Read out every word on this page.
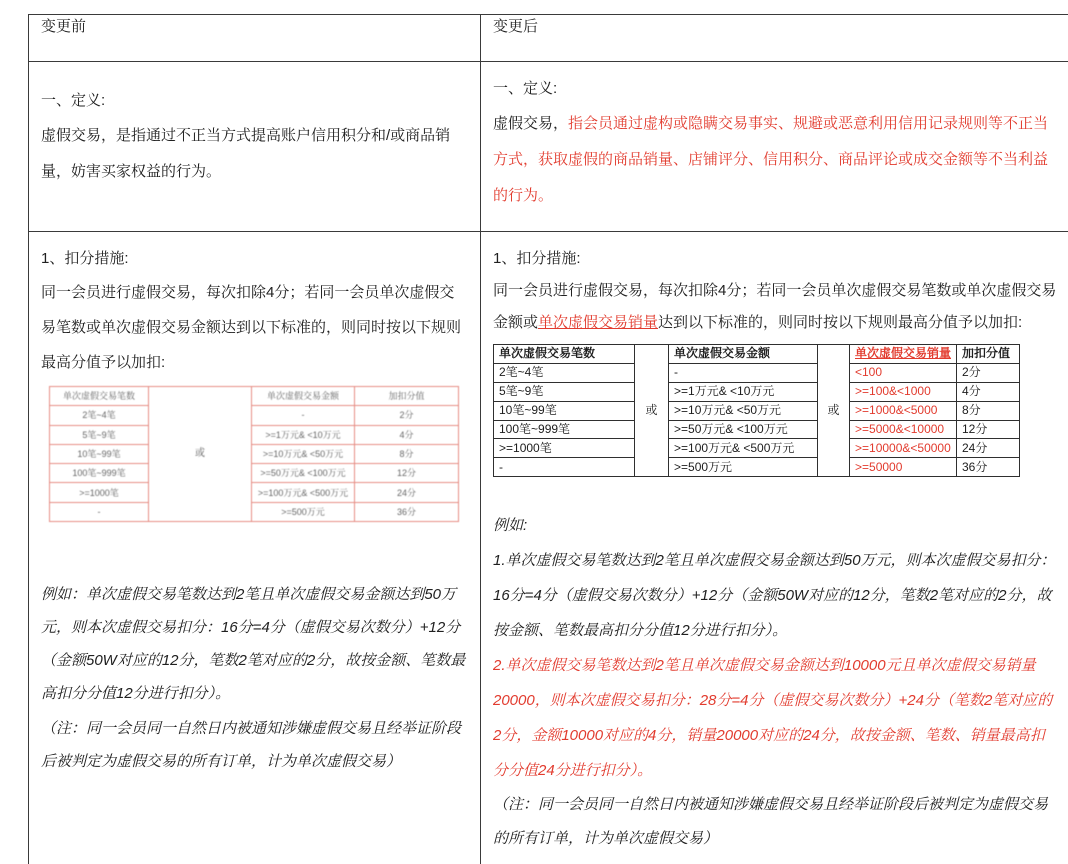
变更前	变更后

一、定义:

虚假交易，是指通过不正当方式提高账户信用积分和/或商品销量，妨害买家权益的行为。

一、定义:

虚假交易，指会员通过虚构或隐瞒交易事实、规避或恶意利用信用记录规则等不正当方式，获取虚假的商品销量、店铺评分、信用积分、商品评论或成交金额等不当利益的行为。

1、扣分措施:

同一会员进行虚假交易，每次扣除4分；若同一会员单次虚假交易笔数或单次虚假交易金额达到以下标准的，则同时按以下规则最高分值予以加扣:

单次虚假交易笔数	或	单次虚假交易金额	加扣分值
2笔~4笔	-	2分
5笔~9笔	>=1万元& <10万元	4分
10笔~99笔	>=10万元& <50万元	8分
100笔~999笔	>=50万元& <100万元	12分
>=1000笔	>=100万元& <500万元	24分
-	>=500万元	36分

例如：单次虚假交易笔数达到2笔且单次虚假交易金额达到50万元，则本次虚假交易扣分：16分=4分（虚假交易次数分）+12分（金额50W对应的12分，笔数2笔对应的2分，故按金额、笔数最高扣分分值12分进行扣分）。

（注：同一会员同一自然日内被通知涉嫌虚假交易且经举证阶段后被判定为虚假交易的所有订单，计为单次虚假交易）

1、扣分措施:

同一会员进行虚假交易，每次扣除4分；若同一会员单次虚假交易笔数或单次虚假交易金额或单次虚假交易销量达到以下标准的，则同时按以下规则最高分值予以加扣:

单次虚假交易笔数	或	单次虚假交易金额	或	单次虚假交易销量	加扣分值
2笔~4笔	-	<100	2分
5笔~9笔	>=1万元& <10万元	>=100&<1000	4分
10笔~99笔	>=10万元& <50万元	>=1000&<5000	8分
100笔~999笔	>=50万元& <100万元	>=5000&<10000	12分
>=1000笔	>=100万元& <500万元	>=10000&<50000	24分
-	>=500万元	>=50000	36分

例如:

1.单次虚假交易笔数达到2笔且单次虚假交易金额达到50万元，则本次虚假交易扣分：16分=4分（虚假交易次数分）+12分（金额50W对应的12分，笔数2笔对应的2分，故按金额、笔数最高扣分分值12分进行扣分）。

2.单次虚假交易笔数达到2笔且单次虚假交易金额达到10000元且单次虚假交易销量20000，则本次虚假交易扣分：28分=4分（虚假交易次数分）+24分（笔数2笔对应的2分，金额10000对应的4分，销量20000对应的24分，故按金额、笔数、销量最高扣分分值24分进行扣分）。

（注：同一会员同一自然日内被通知涉嫌虚假交易且经举证阶段后被判定为虚假交易的所有订单，计为单次虚假交易）
